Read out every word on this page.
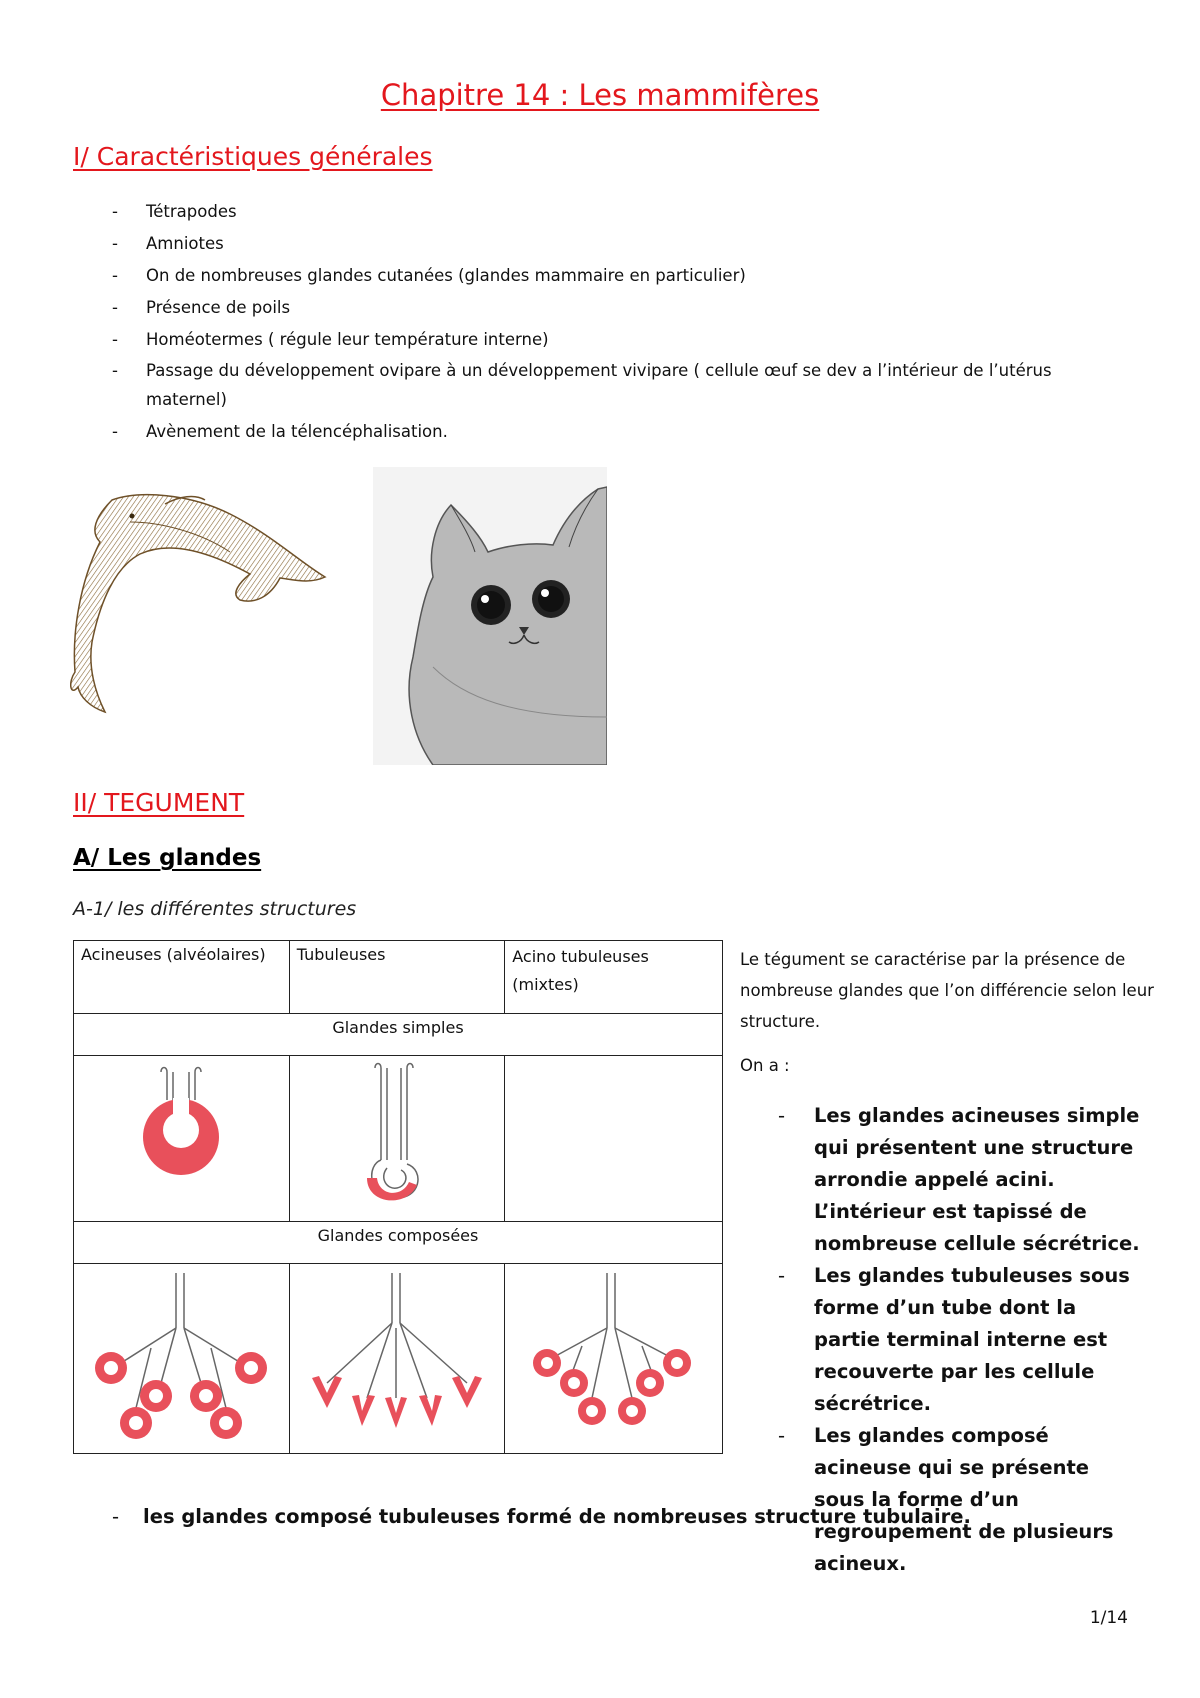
Chapitre 14 : Les mammifères
I/ Caractéristiques générales
- Tétrapodes
- Amniotes
- On de nombreuses glandes cutanées (glandes mammaire en particulier)
- Présence de poils
- Homéotermes ( régule leur température interne)
- Passage du développement ovipare à un développement vivipare ( cellule œuf se dev a l’intérieur de l’utérus maternel)
- Avènement de la télencéphalisation.
II/ TEGUMENT
A/ Les glandes
A-1/ les différentes structures
Acineuses (alvéolaires)	Tubuleuses	Acino tubuleuses (mixtes)
Glandes simples		

Glandes composées		

Le tégument se caractérise par la présence de nombreuse glandes que l’on différencie selon leur structure.
On a :
- Les glandes acineuses simple qui présentent une structure arrondie appelé acini. L’intérieur est tapissé de nombreuse cellule sécrétrice.
- Les glandes tubuleuses sous forme d’un tube dont la partie terminal interne est recouverte par les cellule sécrétrice.
- Les glandes composé acineuse qui se présente sous la forme d’un regroupement de plusieurs acineux.
- les glandes composé tubuleuses formé de nombreuses structure tubulaire.
1/14
